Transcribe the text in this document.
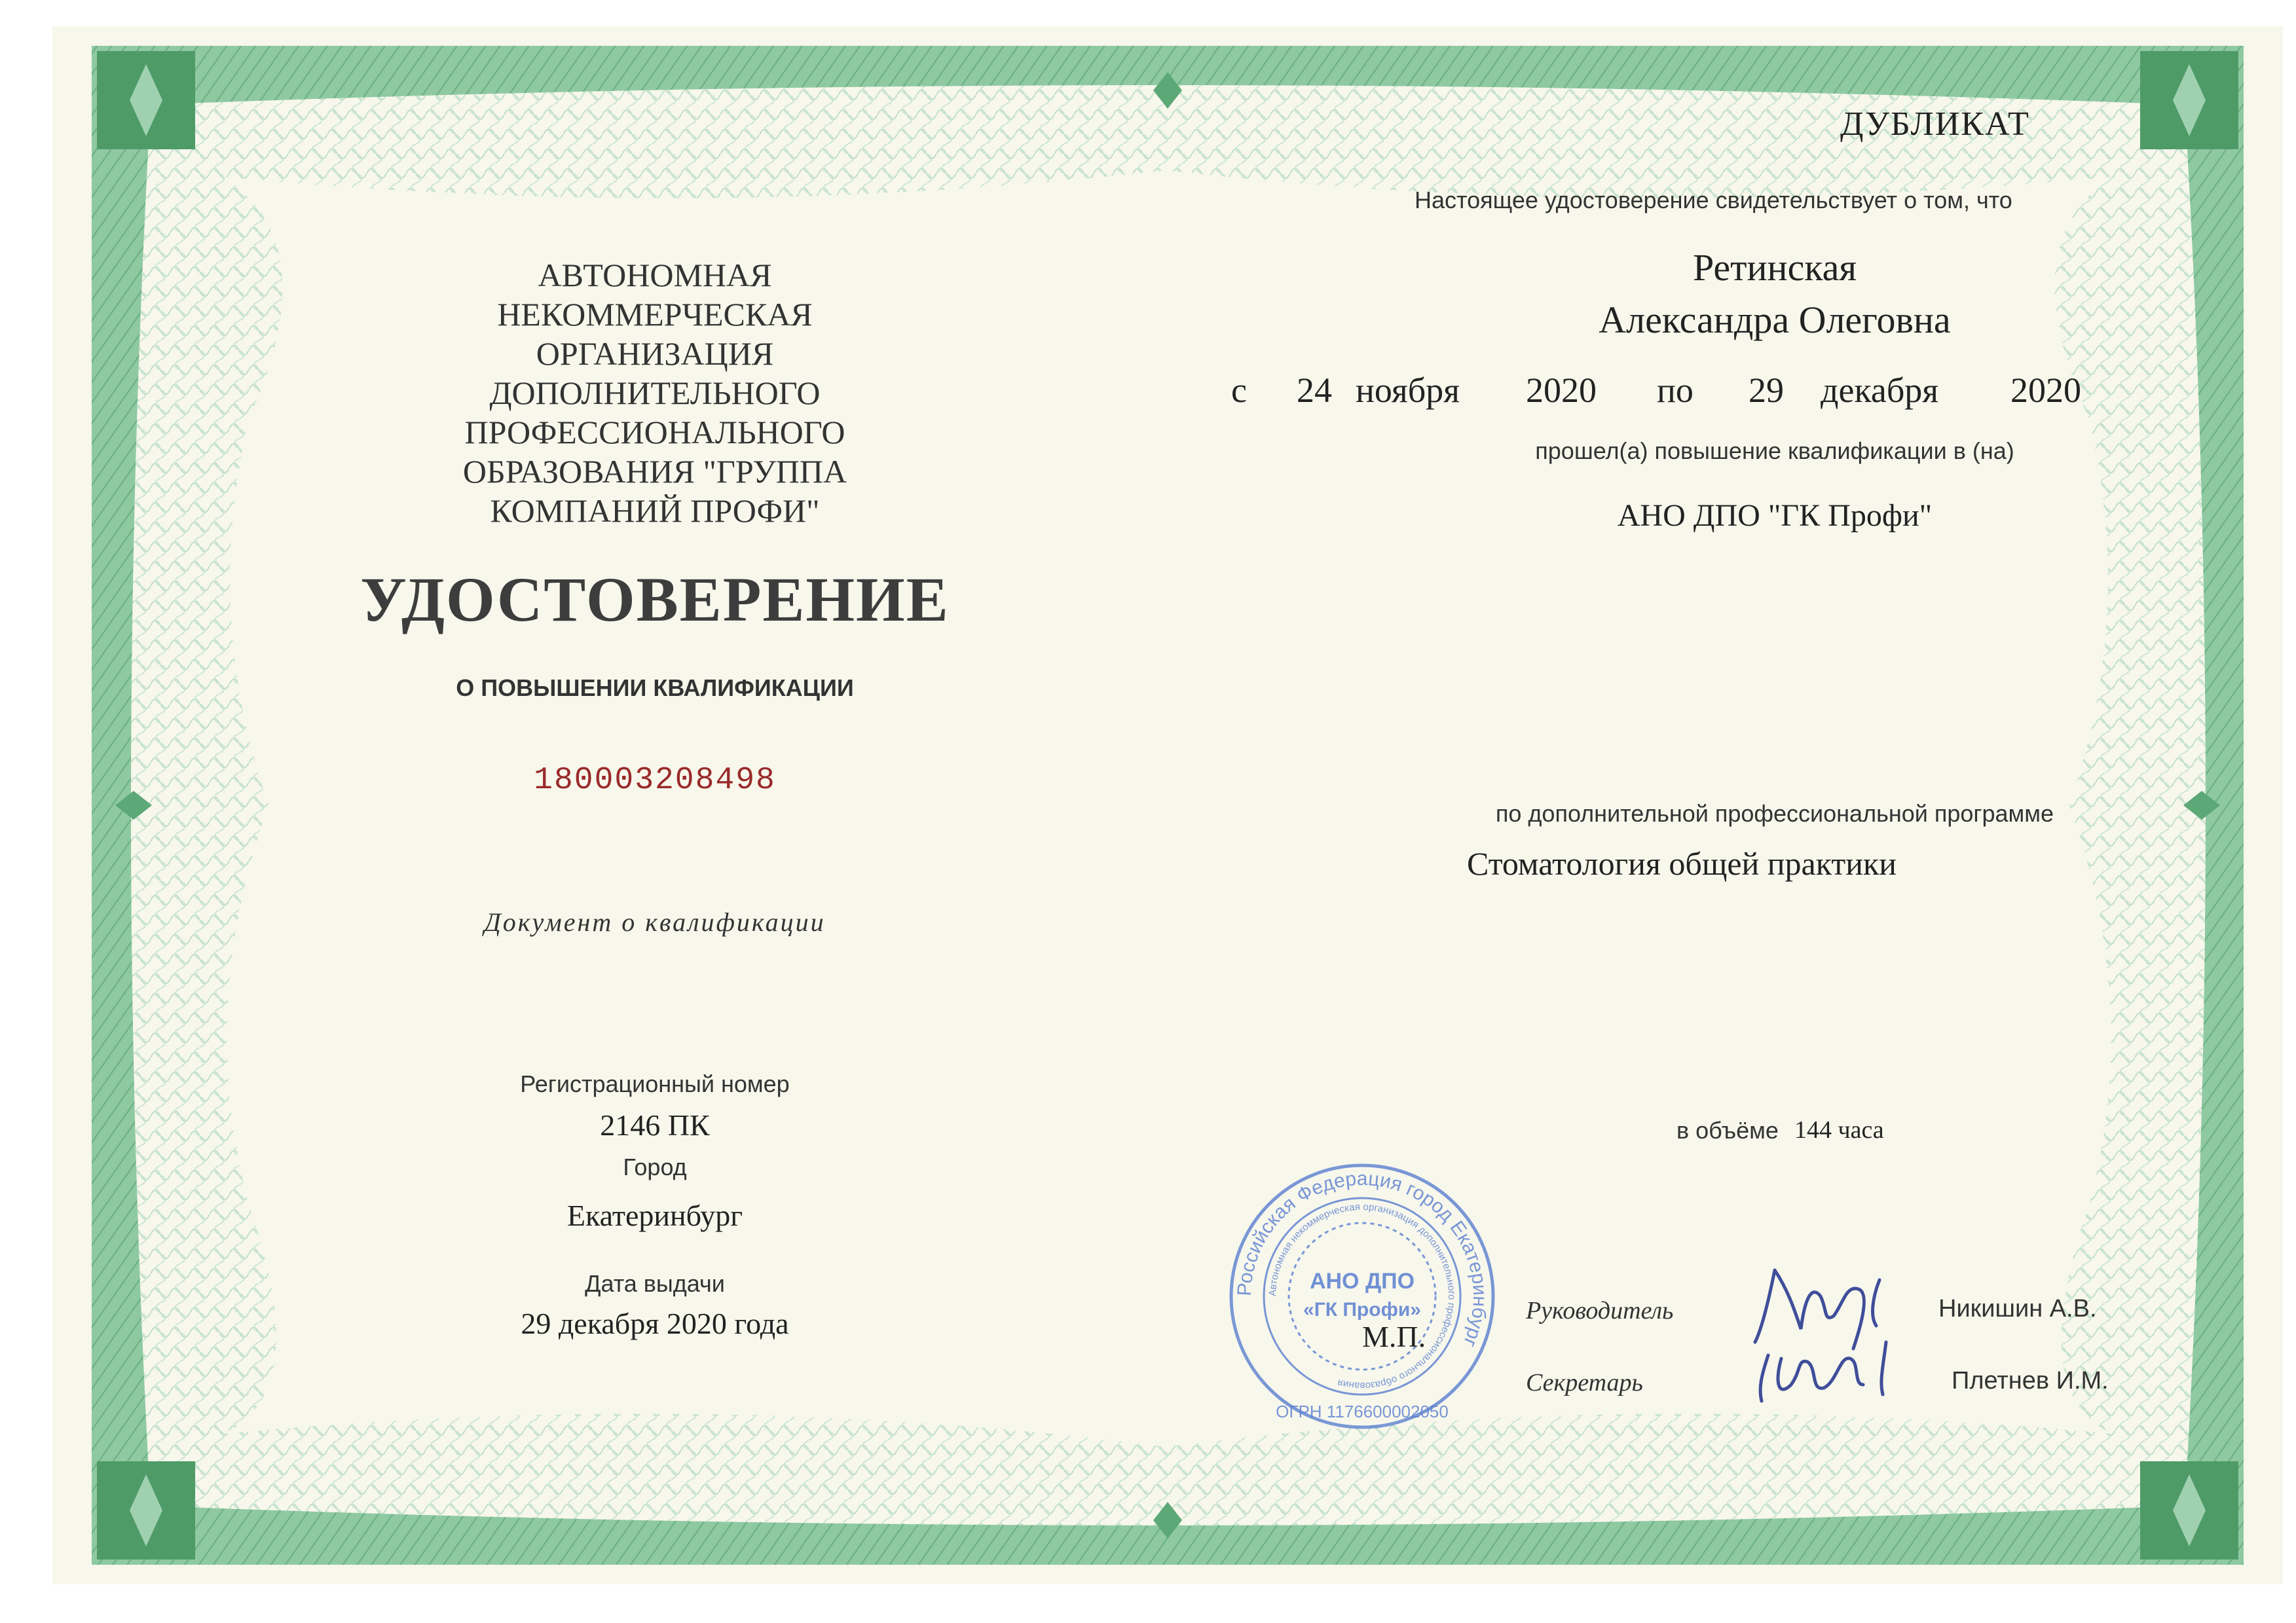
ДУБЛИКАТ
АВТОНОМНАЯ
НЕКОММЕРЧЕСКАЯ
ОРГАНИЗАЦИЯ
ДОПОЛНИТЕЛЬНОГО
ПРОФЕССИОНАЛЬНОГО
ОБРАЗОВАНИЯ "ГРУППА
КОМПАНИЙ ПРОФИ"
УДОСТОВЕРЕНИЕ
О ПОВЫШЕНИИ КВАЛИФИКАЦИИ
180003208498
Документ о квалификации
Регистрационный номер
2146 ПК
Город
Екатеринбург
Дата выдачи
29 декабря 2020 года
Настоящее удостоверение свидетельствует о том, что
Ретинская
Александра Олеговна
с 24 ноября 2020 по 29 декабря 2020
прошел(а) повышение квалификации в (на)
АНО ДПО "ГК Профи"
по дополнительной профессиональной программе
Стоматология общей практики
в объёме 144 часа
Российская Федерация город Екатеринбург
Автономная некоммерческая организация дополнительного профессионального образования
АНО ДПО
«ГК Профи»
ОГРН 1176600002050
М.П.
Руководитель	Никишин А.В.
Секретарь	Плетнев И.М.
